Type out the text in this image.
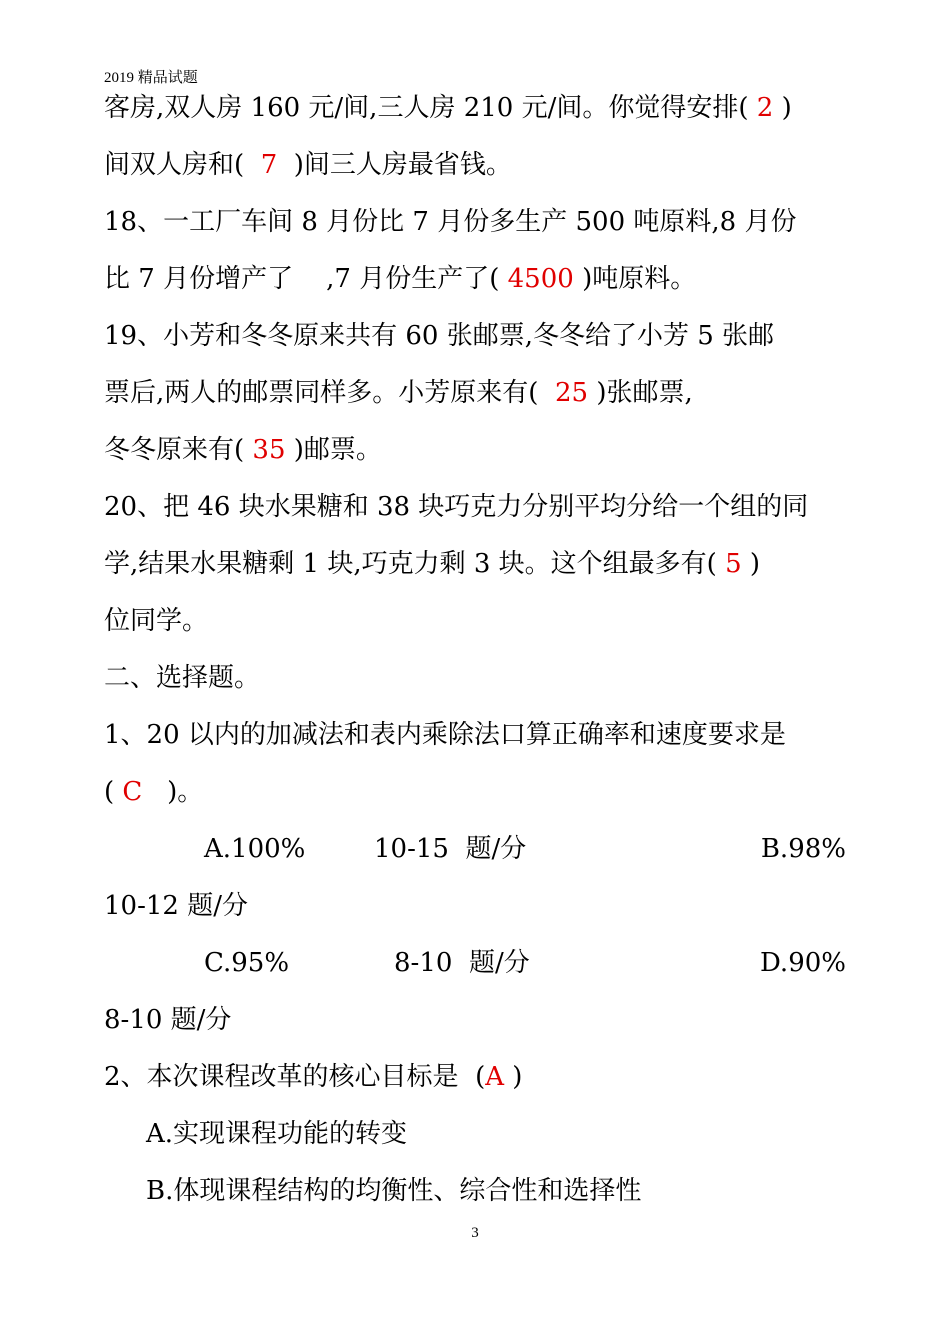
2019 精品试题
客房,双人房 160 元/间,三人房 210 元/间。你觉得安排( 2 )
间双人房和( 7 )间三人房最省钱。
18、一工厂车间 8 月份比 7 月份多生产 500 吨原料,8 月份
比 7 月份增产了    ,7 月份生产了( 4500 )吨原料。
19、小芳和冬冬原来共有 60 张邮票,冬冬给了小芳 5 张邮
票后,两人的邮票同样多。小芳原来有( 25 )张邮票,
冬冬原来有( 35 )邮票。
20、把 46 块水果糖和 38 块巧克力分别平均分给一个组的同
学,结果水果糖剩 1 块,巧克力剩 3 块。这个组最多有( 5 )
位同学。
二、选择题。
1、20 以内的加减法和表内乘除法口算正确率和速度要求是
( C )。
A.100%	10-15  题/分	B.98%
10-12 题/分
C.95%	8-10  题/分	D.90%
8-10 题/分
2、本次课程改革的核心目标是  (A )
A.实现课程功能的转变
B.体现课程结构的均衡性、综合性和选择性
3
